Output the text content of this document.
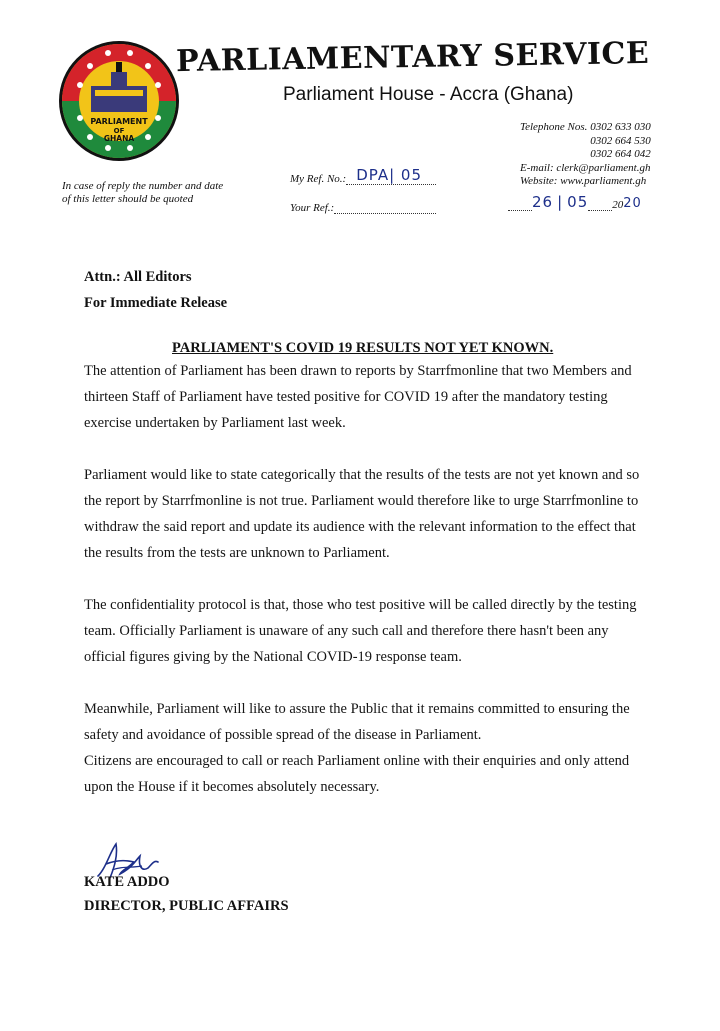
PARLIAMENT
OF
GHANA
PARLIAMENTARY SERVICE
Parliament House - Accra (Ghana)
Telephone Nos. 0302 633 030
0302 664 530
0302 664 042
E-mail: clerk@parliament.gh
Website: www.parliament.gh
In case of reply the number and date of this letter should be quoted
My Ref. No.: DPA| 05
Your Ref.:	26 | 05 20 20
Attn.: All Editors
For Immediate Release
PARLIAMENT'S COVID 19 RESULTS NOT YET KNOWN.

The attention of Parliament has been drawn to reports by Starrfmonline that two Members and thirteen Staff of Parliament have tested positive for COVID 19 after the mandatory testing exercise undertaken by Parliament last week.

Parliament would like to state categorically that the results of the tests are not yet known and so the report by Starrfmonline is not true. Parliament would therefore like to urge Starrfmonline to withdraw the said report and update its audience with the relevant information to the effect that the results from the tests are unknown to Parliament.

The confidentiality protocol is that, those who test positive will be called directly by the testing team. Officially Parliament is unaware of any such call and therefore there hasn't been any official figures giving by the National COVID-19 response team.

Meanwhile, Parliament will like to assure the Public that it remains committed to ensuring the safety and avoidance of possible spread of the disease in Parliament.

Citizens are encouraged to call or reach Parliament online with their enquiries and only attend upon the House if it becomes absolutely necessary.

KATE ADDO
DIRECTOR, PUBLIC AFFAIRS
